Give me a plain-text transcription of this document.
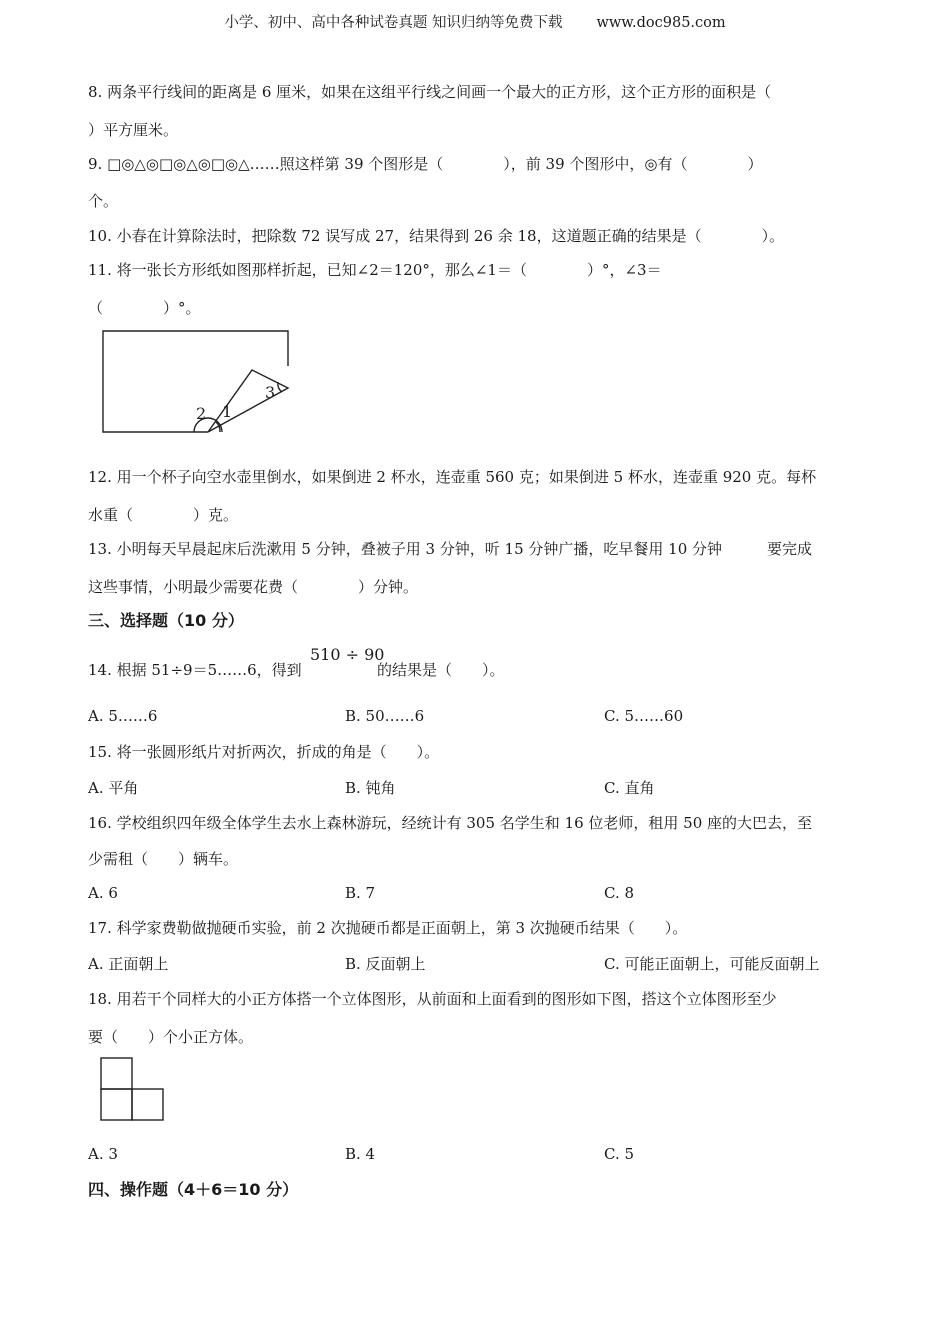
小学、初中、高中各种试卷真题 知识归纳等免费下载 www.doc985.com
8. 两条平行线间的距离是 6 厘米，如果在这组平行线之间画一个最大的正方形，这个正方形的面积是（
）平方厘米。
9. □◎△◎□◎△◎□◎△……照这样第 39 个图形是（　　　　），前 39 个图形中，◎有（　　　　）
个。
10. 小春在计算除法时，把除数 72 误写成 27，结果得到 26 余 18，这道题正确的结果是（　　　　）。
11. 将一张长方形纸如图那样折起，已知∠2＝120°，那么∠1＝（　　　　）°，∠3＝
（　　　　）°。
2 1
3
12. 用一个杯子向空水壶里倒水，如果倒进 2 杯水，连壶重 560 克；如果倒进 5 杯水，连壶重 920 克。每杯
水重（　　　　）克。
13. 小明每天早晨起床后洗漱用 5 分钟，叠被子用 3 分钟，听 15 分钟广播，吃早餐用 10 分钟　　　要完成
这些事情，小明最少需要花费（　　　　）分钟。
三、选择题（10 分）
14. 根据 51÷9＝5……6，得到
510 ÷ 90
的结果是（　　）。
A. 5……6	B. 50……6	C. 5……60
15. 将一张圆形纸片对折两次，折成的角是（　　）。
A. 平角	B. 钝角	C. 直角
16. 学校组织四年级全体学生去水上森林游玩，经统计有 305 名学生和 16 位老师，租用 50 座的大巴去，至
少需租（　　）辆车。
A. 6	B. 7	C. 8
17. 科学家费勒做抛硬币实验，前 2 次抛硬币都是正面朝上，第 3 次抛硬币结果（　　）。
A. 正面朝上	B. 反面朝上	C. 可能正面朝上，可能反面朝上
18. 用若干个同样大的小正方体搭一个立体图形，从前面和上面看到的图形如下图，搭这个立体图形至少
要（　　）个小正方体。
A. 3	B. 4	C. 5
四、操作题（4＋6＝10 分）
